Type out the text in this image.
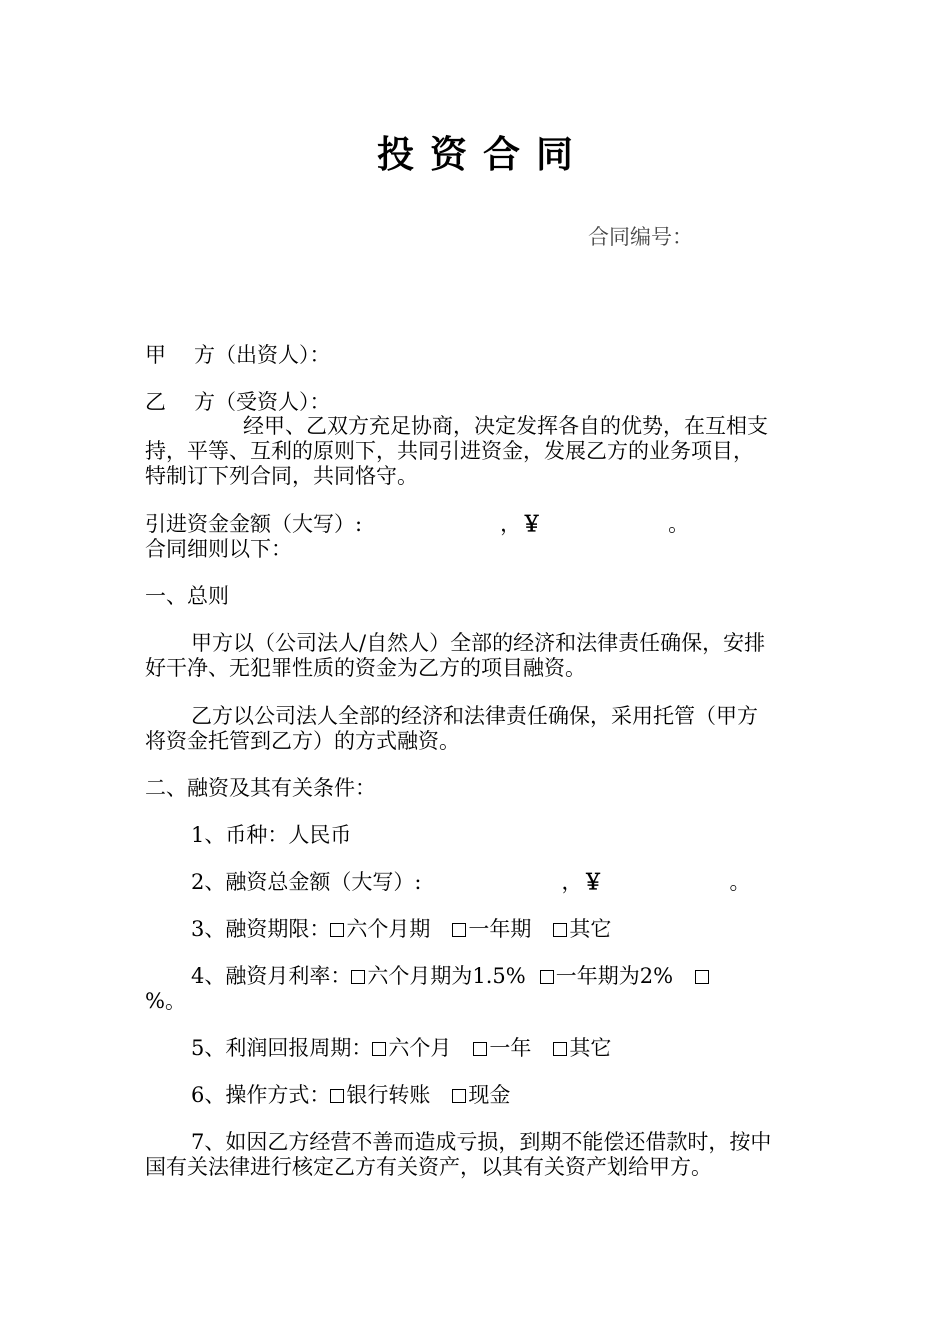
投资合同
合同编号：
甲 方（出资人）：
乙 方（受资人）：
经甲、乙双方充足协商，决定发挥各自的优势，在互相支
持，平等、互利的原则下，共同引进资金，发展乙方的业务项目，
特制订下列合同，共同恪守。
引进资金金额（大写）:	，￥	。
合同细则以下：
一、总则
甲方以（公司法人/自然人）全部的经济和法律责任确保，安排
好干净、无犯罪性质的资金为乙方的项目融资。
乙方以公司法人全部的经济和法律责任确保，采用托管（甲方
将资金托管到乙方）的方式融资。
二、融资及其有关条件：
1、币种：人民币
2、融资总金额（大写）:	，￥	。
3、融资期限： 六个月期 一年期 其它
4、融资月利率： 六个月期为1.5% 一年期为2%
%。
5、利润回报周期： 六个月 一年 其它
6、操作方式： 银行转账 现金
7、如因乙方经营不善而造成亏损，到期不能偿还借款时，按中
国有关法律进行核定乙方有关资产，以其有关资产划给甲方。
